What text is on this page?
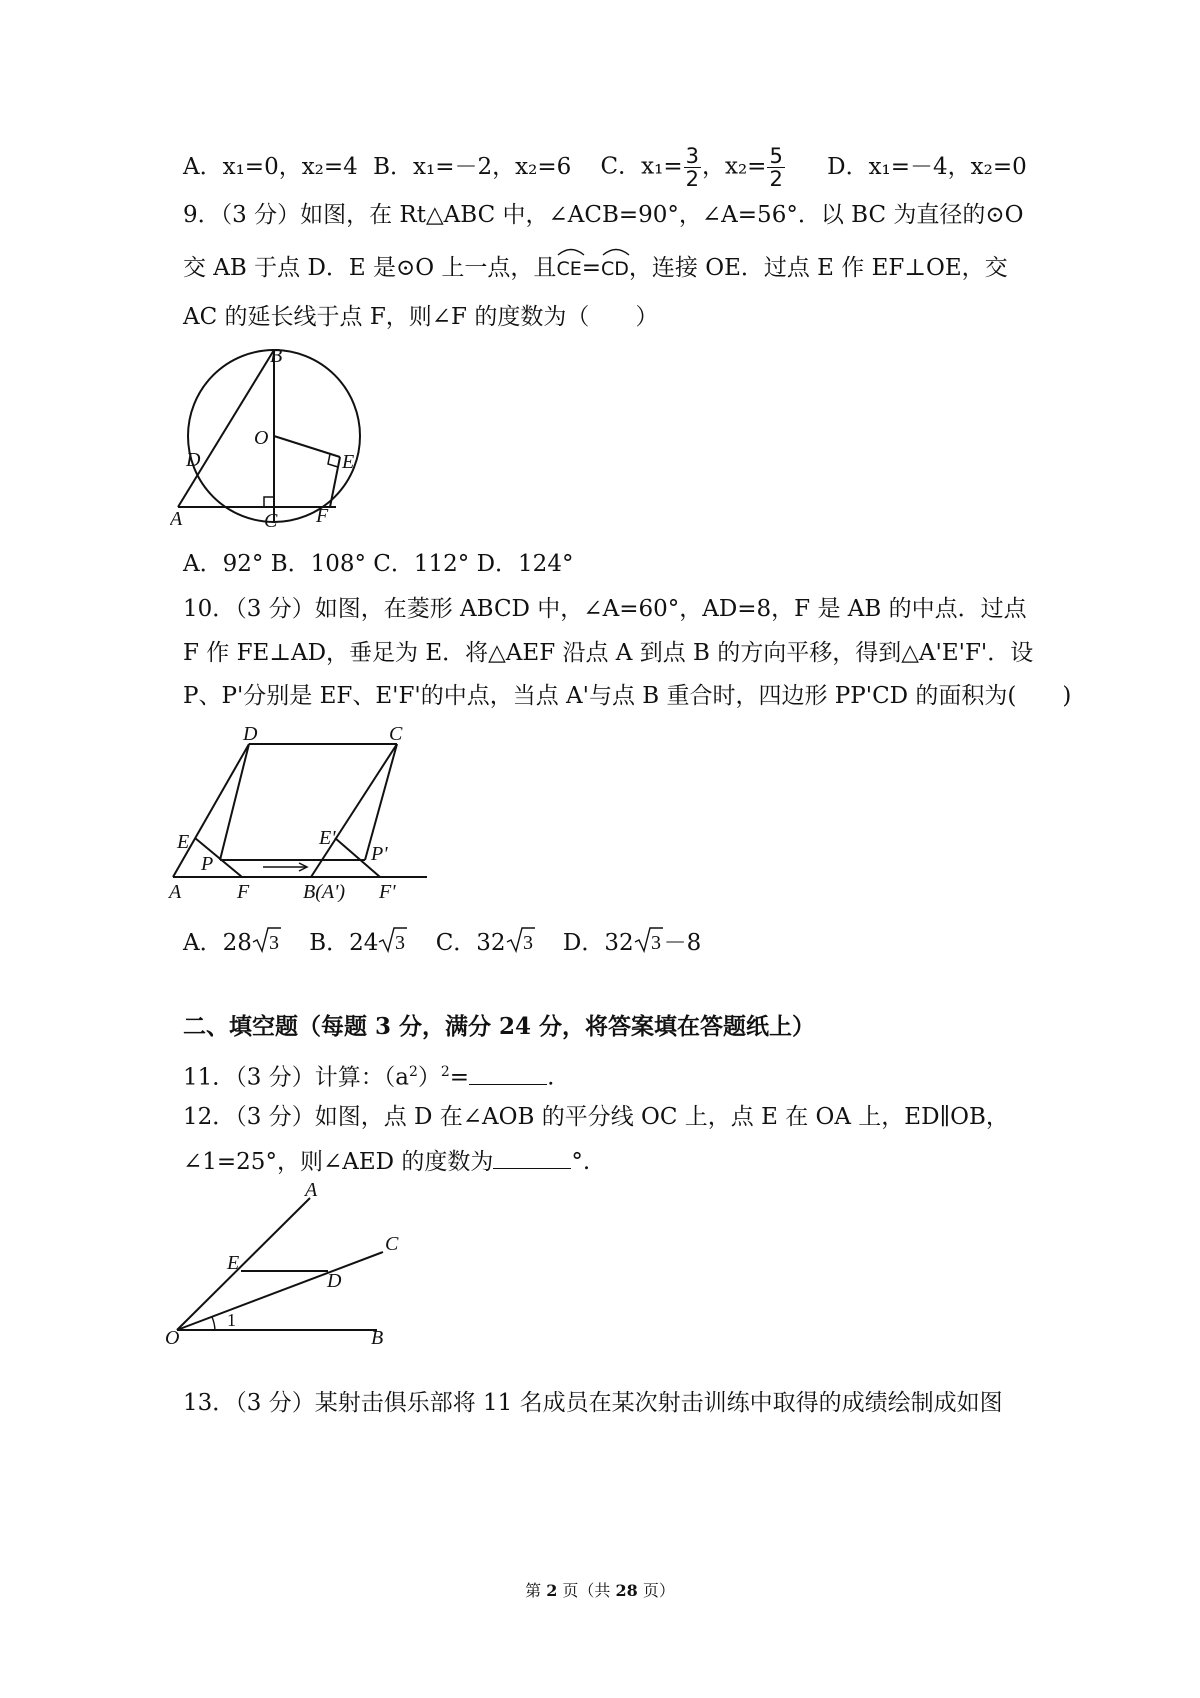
A．x₁=0，x₂=4 B．x₁=－2，x₂=6 C．$x_1= \frac{3}{2}$ ，$x_2= \frac{5}{2}$ D．x₁=－4，x₂=0
9．（3 分）如图，在 Rt△ABC 中，∠ACB=90°，∠A=56°．以 BC 为直径的⊙O
交 AB 于点 D．E 是⊙O 上一点，且
CE=
CD，连接 OE．过点 E 作 EF⊥OE，交
AC 的延长线于点 F，则∠F 的度数为（　　）
B
O
D	E
A	C F
A．92° B．108° C．112° D．124°
10．（3 分）如图，在菱形 ABCD 中，∠A=60°，AD=8，F 是 AB 的中点．过点
F 作 FE⊥AD，垂足为 E．将△AEF 沿点 A 到点 B 的方向平移，得到△A'E'F'．设
P、P'分别是 EF、E'F'的中点，当点 A'与点 B 重合时，四边形 PP'CD 的面积为(　　)
D	C
E
P
E'
P'
A	F	B(A') F'
A．28 3 B．24 3 C．32 3 D．32 3 －8
二、填空题（每题 3 分，满分 24 分，将答案填在答题纸上）
11．（3 分）计算：$(a^2)^2=$	.
12．（3 分）如图，点 D 在∠AOB 的平分线 OC 上，点 E 在 OA 上，ED∥OB，
∠1=25°，则∠AED 的度数为	°.
A
C
E
D
O
1
B
13．（3 分）某射击俱乐部将 11 名成员在某次射击训练中取得的成绩绘制成如图
第 2 页（共 28 页）
